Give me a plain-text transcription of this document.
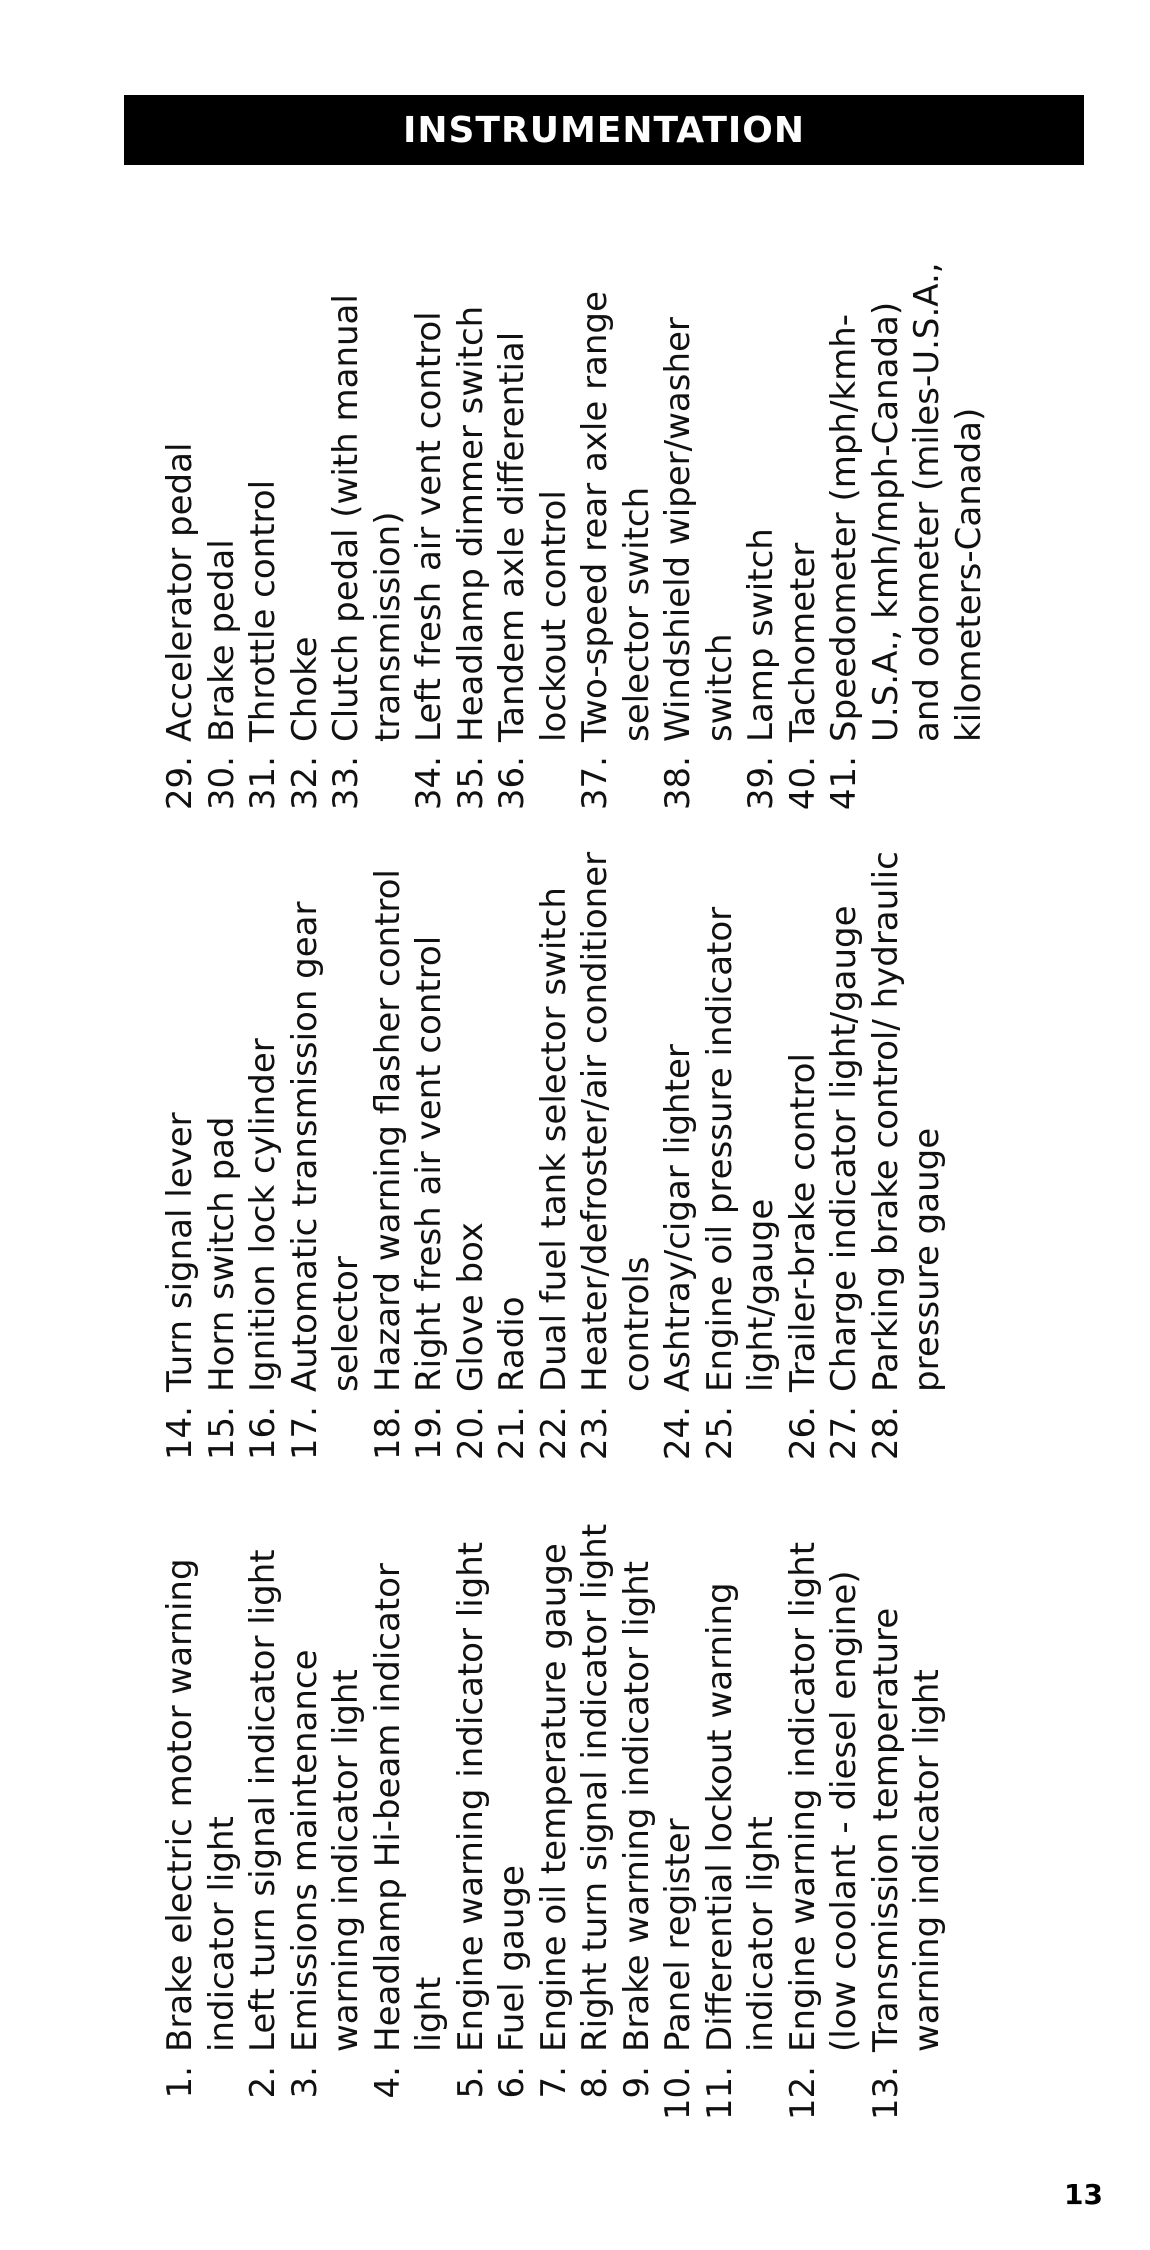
INSTRUMENTATION
1.
Brake electric motor warning indicator light
2.
Left turn signal indicator light
3.
Emissions maintenance warning indicator light
4.
Headlamp Hi-beam indicator light
5.
Engine warning indicator light
6.
Fuel gauge
7.
Engine oil temperature gauge
8.
Right turn signal indicator light
9.
Brake warning indicator light
10.
Panel register
11.
Differential lockout warning indicator light
12.
Engine warning indicator light (low coolant - diesel engine)
13.
Transmission temperature warning indicator light
14.
Turn signal lever
15.
Horn switch pad
16.
Ignition lock cylinder
17.
Automatic transmission gear selector
18.
Hazard warning flasher control
19.
Right fresh air vent control
20.
Glove box
21.
Radio
22.
Dual fuel tank selector switch
23.
Heater/defroster/air conditioner controls
24.
Ashtray/cigar lighter
25.
Engine oil pressure indicator light/gauge
26.
Trailer-brake control
27.
Charge indicator light/gauge
28.
Parking brake control/ hydraulic pressure gauge
29.
Accelerator pedal
30.
Brake pedal
31.
Throttle control
32.
Choke
33.
Clutch pedal (with manual transmission)
34.
Left fresh air vent control
35.
Headlamp dimmer switch
36.
Tandem axle differential lockout control
37.
Two-speed rear axle range selector switch
38.
Windshield wiper/washer switch
39.
Lamp switch
40.
Tachometer
41.
Speedometer (mph/kmh-U.S.A., kmh/mph-Canada) and odometer (miles-U.S.A., kilometers-Canada)
13
